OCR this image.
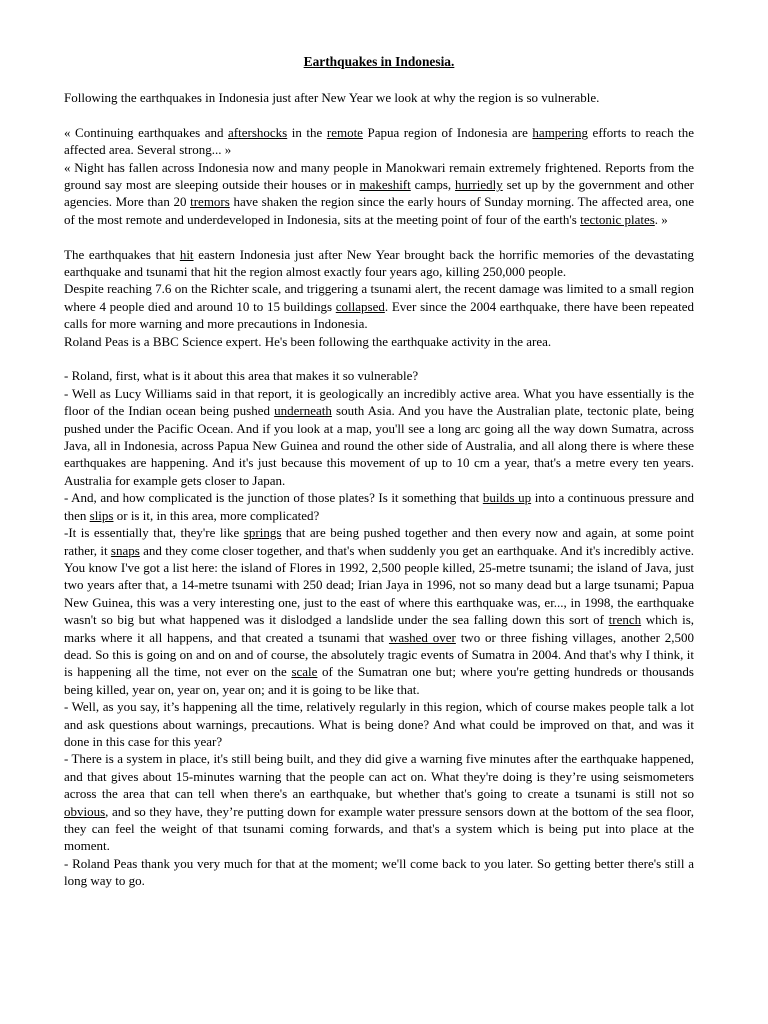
Earthquakes in Indonesia.

Following the earthquakes in Indonesia just after New Year we look at why the region is so vulnerable.

« Continuing earthquakes and aftershocks in the remote Papua region of Indonesia are hampering efforts to reach the affected area. Several strong... »

« Night has fallen across Indonesia now and many people in Manokwari remain extremely frightened. Reports from the ground say most are sleeping outside their houses or in makeshift camps, hurriedly set up by the government and other agencies. More than 20 tremors have shaken the region since the early hours of Sunday morning. The affected area, one of the most remote and underdeveloped in Indonesia, sits at the meeting point of four of the earth's tectonic plates. »

The earthquakes that hit eastern Indonesia just after New Year brought back the horrific memories of the devastating earthquake and tsunami that hit the region almost exactly four years ago, killing 250,000 people.

Despite reaching 7.6 on the Richter scale, and triggering a tsunami alert, the recent damage was limited to a small region where 4 people died and around 10 to 15 buildings collapsed. Ever since the 2004 earthquake, there have been repeated calls for more warning and more precautions in Indonesia.

Roland Peas is a BBC Science expert. He's been following the earthquake activity in the area.

- Roland, first, what is it about this area that makes it so vulnerable?

- Well as Lucy Williams said in that report, it is geologically an incredibly active area. What you have essentially is the floor of the Indian ocean being pushed underneath south Asia. And you have the Australian plate, tectonic plate, being pushed under the Pacific Ocean. And if you look at a map, you'll see a long arc going all the way down Sumatra, across Java, all in Indonesia, across Papua New Guinea and round the other side of Australia, and all along there is where these earthquakes are happening. And it's just because this movement of up to 10 cm a year, that's a metre every ten years. Australia for example gets closer to Japan.

- And, and how complicated is the junction of those plates? Is it something that builds up into a continuous pressure and then slips or is it, in this area, more complicated?

-It is essentially that, they're like springs that are being pushed together and then every now and again, at some point rather, it snaps and they come closer together, and that's when suddenly you get an earthquake. And it's incredibly active. You know I've got a list here: the island of Flores in 1992, 2,500 people killed, 25-metre tsunami; the island of Java, just two years after that, a 14-metre tsunami with 250 dead; Irian Jaya in 1996, not so many dead but a large tsunami; Papua New Guinea, this was a very interesting one, just to the east of where this earthquake was, er..., in 1998, the earthquake wasn't so big but what happened was it dislodged a landslide under the sea falling down this sort of trench which is, marks where it all happens, and that created a tsunami that washed over two or three fishing villages, another 2,500 dead. So this is going on and on and of course, the absolutely tragic events of Sumatra in 2004. And that's why I think, it is happening all the time, not ever on the scale of the Sumatran one but; where you're getting hundreds or thousands being killed, year on, year on, year on; and it is going to be like that.

- Well, as you say, it’s happening all the time, relatively regularly in this region, which of course makes people talk a lot and ask questions about warnings, precautions. What is being done? And what could be improved on that, and was it done in this case for this year?

- There is a system in place, it's still being built, and they did give a warning five minutes after the earthquake happened, and that gives about 15-minutes warning that the people can act on. What they're doing is they’re using seismometers across the area that can tell when there's an earthquake, but whether that's going to create a tsunami is still not so obvious, and so they have, they’re putting down for example water pressure sensors down at the bottom of the sea floor, they can feel the weight of that tsunami coming forwards, and that's a system which is being put into place at the moment.

- Roland Peas thank you very much for that at the moment; we'll come back to you later. So getting better there's still a long way to go.
